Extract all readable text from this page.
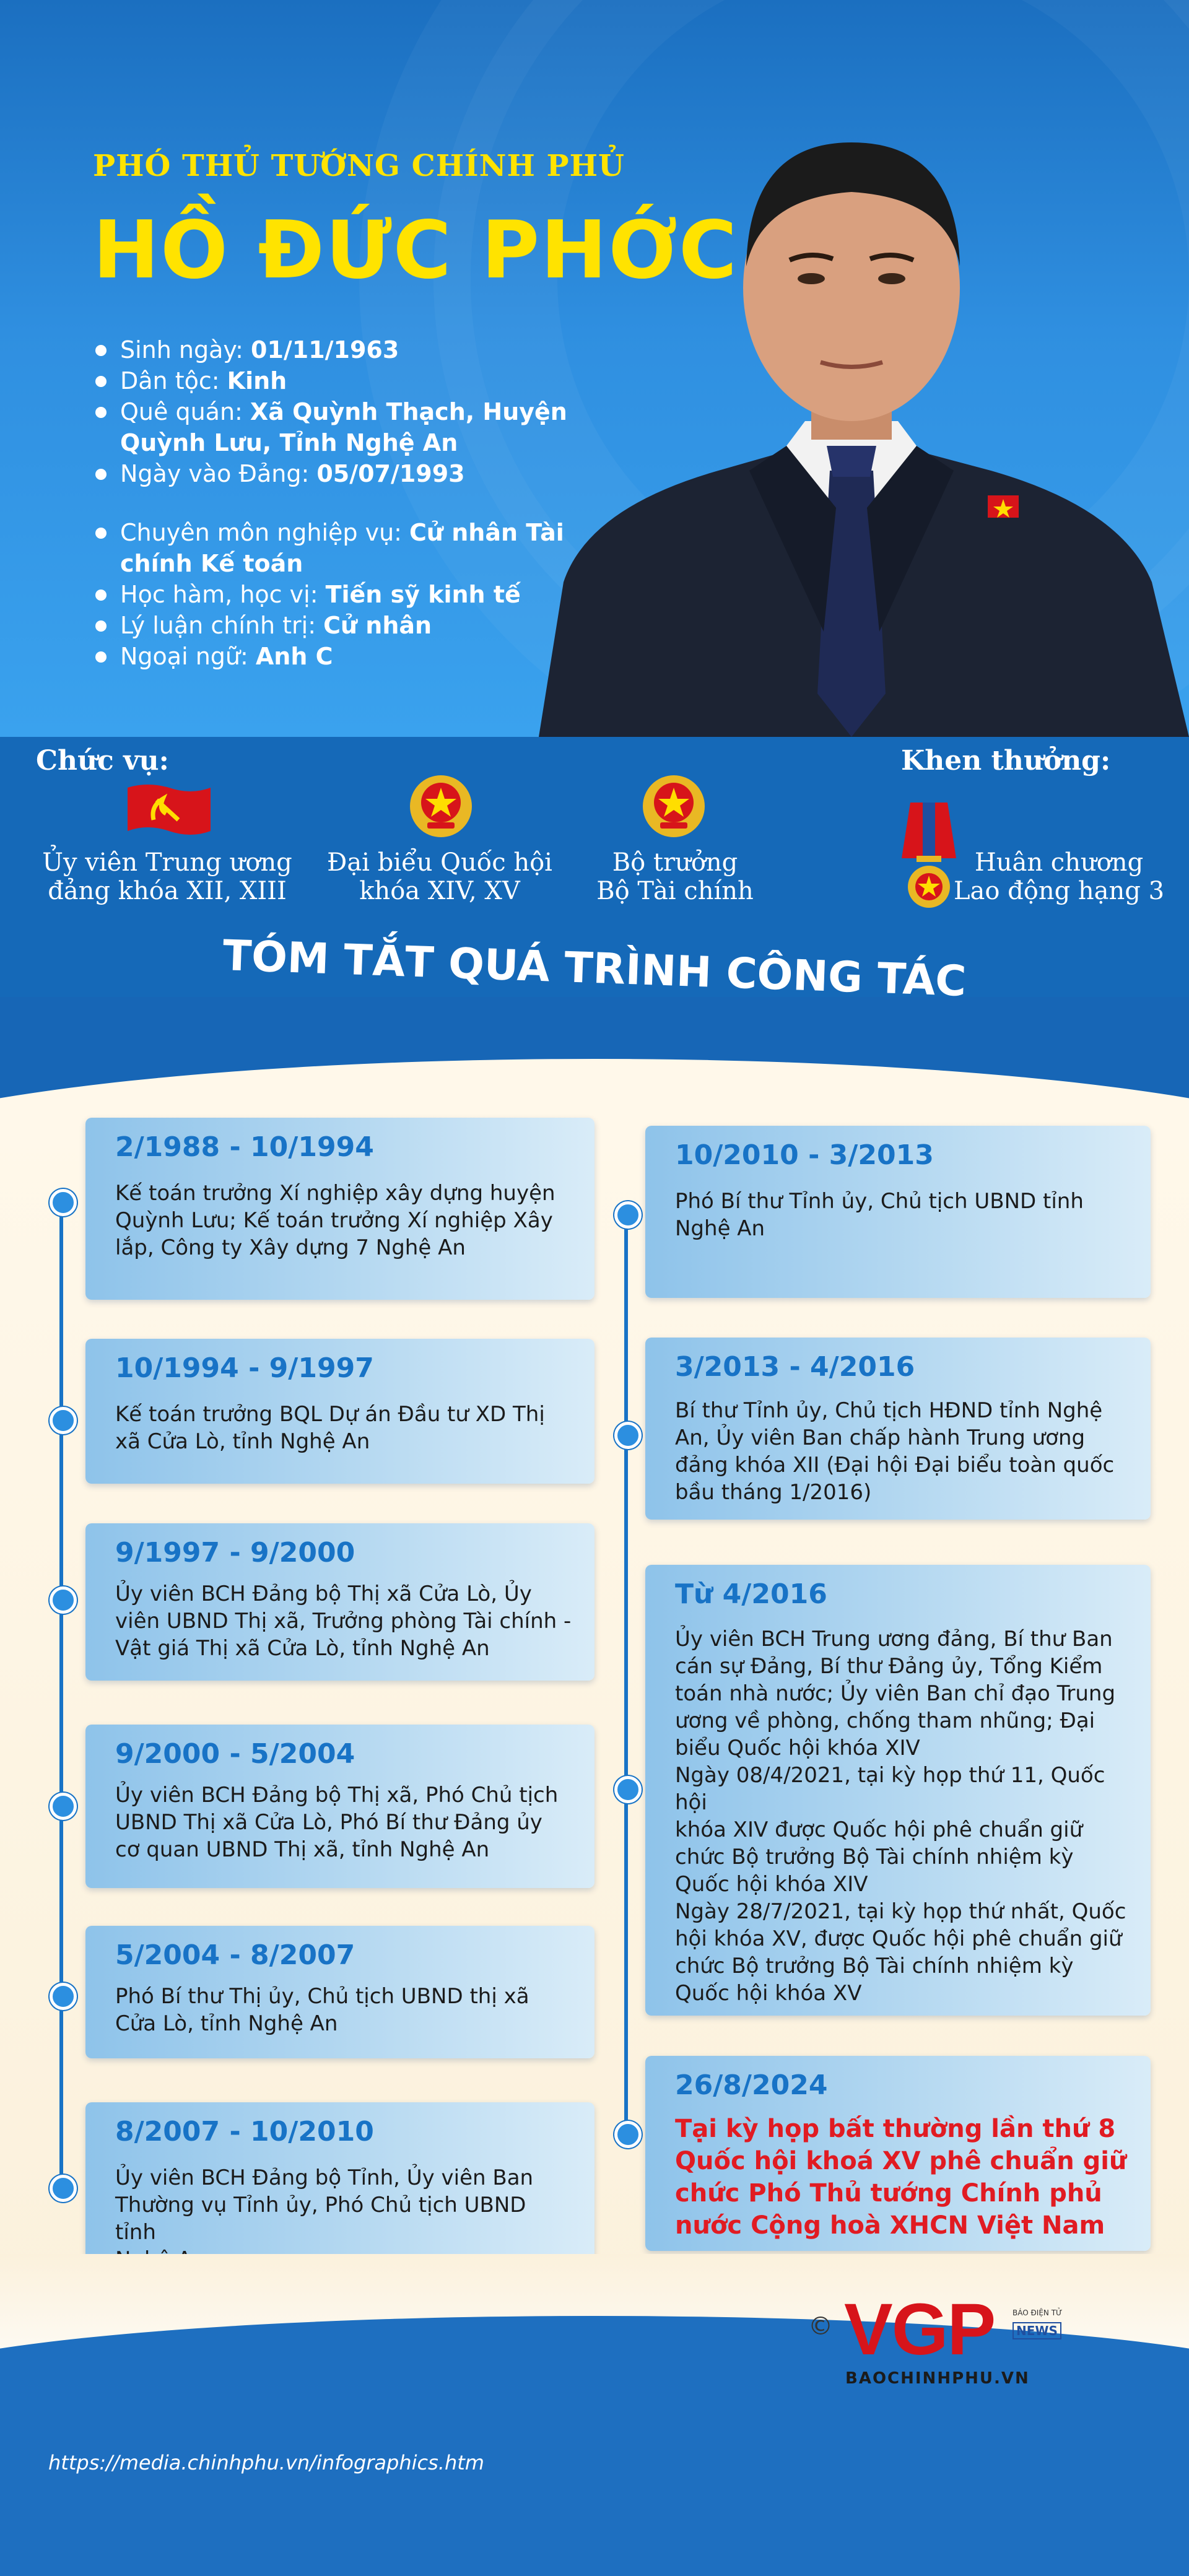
PHÓ THỦ TƯỚNG CHÍNH PHỦ
HỒ ĐỨC PHỚC
Sinh ngày: 01/11/1963
Dân tộc: Kinh
Quê quán: Xã Quỳnh Thạch, Huyện Quỳnh Lưu, Tỉnh Nghệ An
Ngày vào Đảng: 05/07/1993
Chuyên môn nghiệp vụ: Cử nhân Tài chính Kế toán
Học hàm, học vị: Tiến sỹ kinh tế
Lý luận chính trị: Cử nhân
Ngoại ngữ: Anh C
Chức vụ:	Khen thưởng:
Ủy viên Trung ương
đảng khóa XII, XIII
Đại biểu Quốc hội
khóa XIV, XV
Bộ trưởng
Bộ Tài chính
Huân chương
Lao động hạng 3
TÓM TẮT QUÁ TRÌNH CÔNG TÁC
2/1988 - 10/1994
Kế toán trưởng Xí nghiệp xây dựng huyện
Quỳnh Lưu; Kế toán trưởng Xí nghiệp Xây
lắp, Công ty Xây dựng 7 Nghệ An
10/1994 - 9/1997
Kế toán trưởng BQL Dự án Đầu tư XD Thị
xã Cửa Lò, tỉnh Nghệ An
9/1997 - 9/2000
Ủy viên BCH Đảng bộ Thị xã Cửa Lò, Ủy
viên UBND Thị xã, Trưởng phòng Tài chính -
Vật giá Thị xã Cửa Lò, tỉnh Nghệ An
9/2000 - 5/2004
Ủy viên BCH Đảng bộ Thị xã, Phó Chủ tịch
UBND Thị xã Cửa Lò, Phó Bí thư Đảng ủy
cơ quan UBND Thị xã, tỉnh Nghệ An
5/2004 - 8/2007
Phó Bí thư Thị ủy, Chủ tịch UBND thị xã
Cửa Lò, tỉnh Nghệ An
8/2007 - 10/2010
Ủy viên BCH Đảng bộ Tỉnh, Ủy viên Ban
Thường vụ Tỉnh ủy, Phó Chủ tịch UBND tỉnh
10/2010 - 3/2013
Phó Bí thư Tỉnh ủy, Chủ tịch UBND tỉnh
Nghệ An
3/2013 - 4/2016
Bí thư Tỉnh ủy, Chủ tịch HĐND tỉnh Nghệ
An, Ủy viên Ban chấp hành Trung ương
đảng khóa XII (Đại hội Đại biểu toàn quốc
bầu tháng 1/2016)
Từ 4/2016
Ủy viên BCH Trung ương đảng, Bí thư Ban
cán sự Đảng, Bí thư Đảng ủy, Tổng Kiểm
toán nhà nước; Ủy viên Ban chỉ đạo Trung
ương về phòng, chống tham nhũng; Đại
biểu Quốc hội khóa XIV
Ngày 08/4/2021, tại kỳ họp thứ 11, Quốc hội
khóa XIV được Quốc hội phê chuẩn giữ
chức Bộ trưởng Bộ Tài chính nhiệm kỳ
Quốc hội khóa XIV
Ngày 28/7/2021, tại kỳ họp thứ nhất, Quốc
hội khóa XV, được Quốc hội phê chuẩn giữ
chức Bộ trưởng Bộ Tài chính nhiệm kỳ
Quốc hội khóa XV
26/8/2024
Tại kỳ họp bất thường lần thứ 8
Quốc hội khoá XV phê chuẩn giữ
chức Phó Thủ tướng Chính phủ
nước Cộng hoà XHCN Việt Nam
© VGP BÁO ĐIỆN TỬ
NEWS
BAOCHINHPHU.VN
https://media.chinhphu.vn/infographics.htm
